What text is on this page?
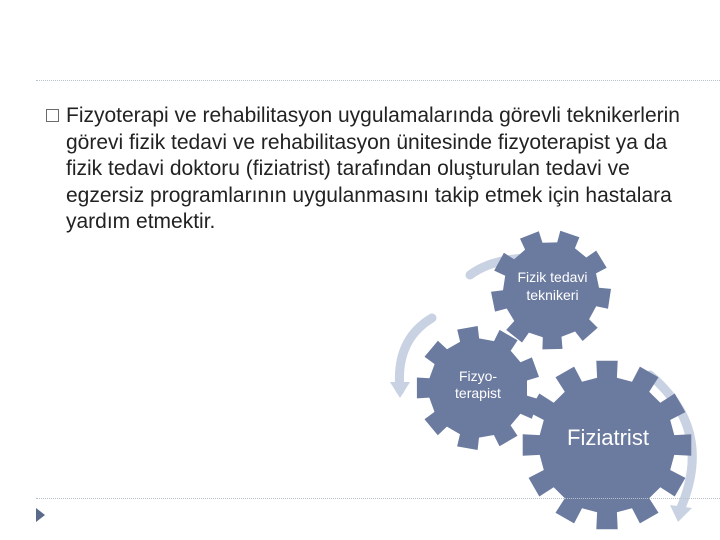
Fizyoterapi ve rehabilitasyon uygulamalarında görevli teknikerlerin görevi fizik tedavi ve rehabilitasyon ünitesinde fizyoterapist ya da fizik tedavi doktoru (fiziatrist) tarafından oluşturulan tedavi ve egzersiz programlarının uygulanmasını takip etmek için hastalara yardım etmektir.

Fizik tedavi teknikeri
Fizyo-terapist
Fiziatrist
